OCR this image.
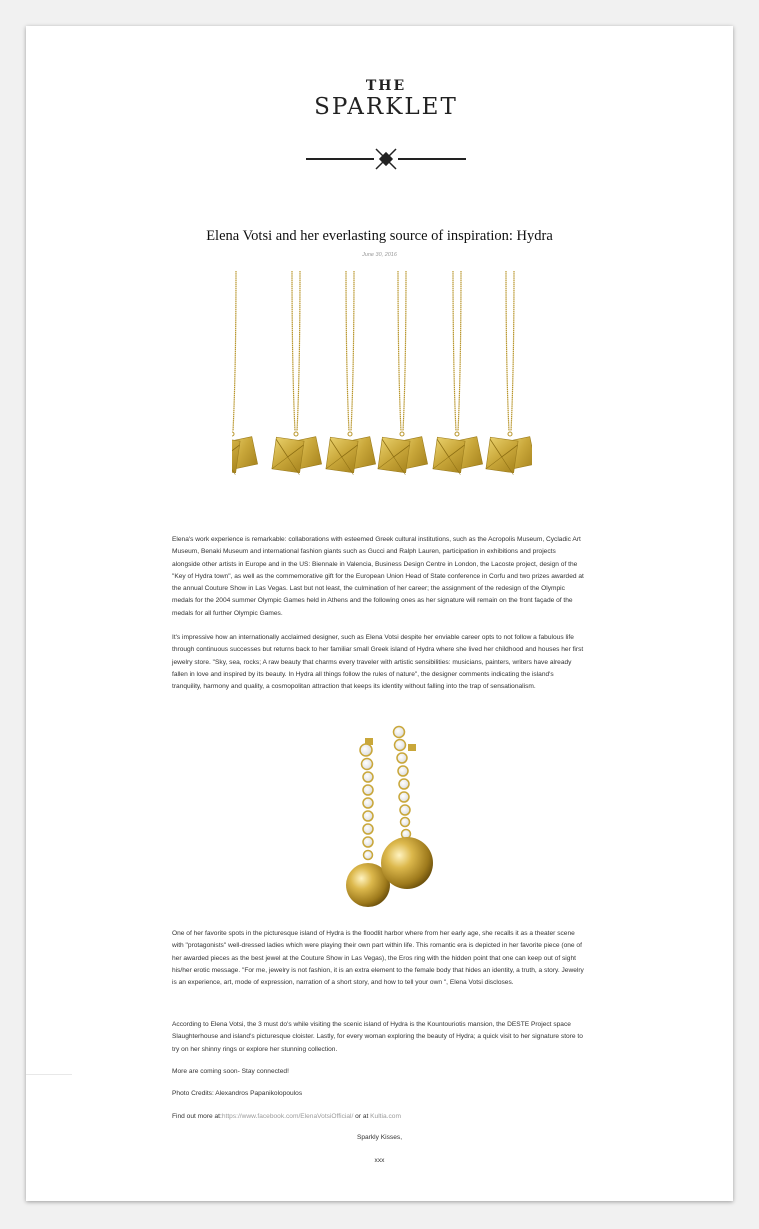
THE
SPARKLET
Elena Votsi and her everlasting source of inspiration: Hydra
June 30, 2016

Elena's work experience is remarkable: collaborations with esteemed Greek cultural institutions, such as the Acropolis Museum, Cycladic Art Museum, Benaki Museum and international fashion giants such as Gucci and Ralph Lauren, participation in exhibitions and projects alongside other artists in Europe and in the US: Biennale in Valencia, Business Design Centre in London, the Lacoste project, design of the "Key of Hydra town", as well as the commemorative gift for the European Union Head of State conference in Corfu and two prizes awarded at the annual Couture Show in Las Vegas. Last but not least, the culmination of her career; the assignment of the redesign of the Olympic medals for the 2004 summer Olympic Games held in Athens and the following ones as her signature will remain on the front façade of the medals for all further Olympic Games.

It's impressive how an internationally acclaimed designer, such as Elena Votsi despite her enviable career opts to not follow a fabulous life through continuous successes but returns back to her familiar small Greek island of Hydra where she lived her childhood and houses her first jewelry store. "Sky, sea, rocks; A raw beauty that charms every traveler with artistic sensibilities: musicians, painters, writers have already fallen in love and inspired by its beauty. In Hydra all things follow the rules of nature", the designer comments indicating the island's tranquility, harmony and quality, a cosmopolitan attraction that keeps its identity without falling into the trap of sensationalism.

One of her favorite spots in the picturesque island of Hydra is the floodlit harbor where from her early age, she recalls it as a theater scene with "protagonists" well-dressed ladies which were playing their own part within life. This romantic era is depicted in her favorite piece (one of her awarded pieces as the best jewel at the Couture Show in Las Vegas), the Eros ring with the hidden point that one can keep out of sight his/her erotic message. "For me, jewelry is not fashion, it is an extra element to the female body that hides an identity, a truth, a story. Jewelry is an experience, art, mode of expression, narration of a short story, and how to tell your own ", Elena Votsi discloses.

According to Elena Votsi, the 3 must do's while visiting the scenic island of Hydra is the Kountouriotis mansion, the DESTE Project space Slaughterhouse and island's picturesque cloister. Lastly, for every woman exploring the beauty of Hydra; a quick visit to her signature store to try on her shinny rings or explore her stunning collection.

More are coming soon- Stay connected!

Photo Credits: Alexandros Papanikolopoulos

Find out more at:https://www.facebook.com/ElenaVotsiOfficial/ or at Kultia.com

Sparkly Kisses,

xxx
